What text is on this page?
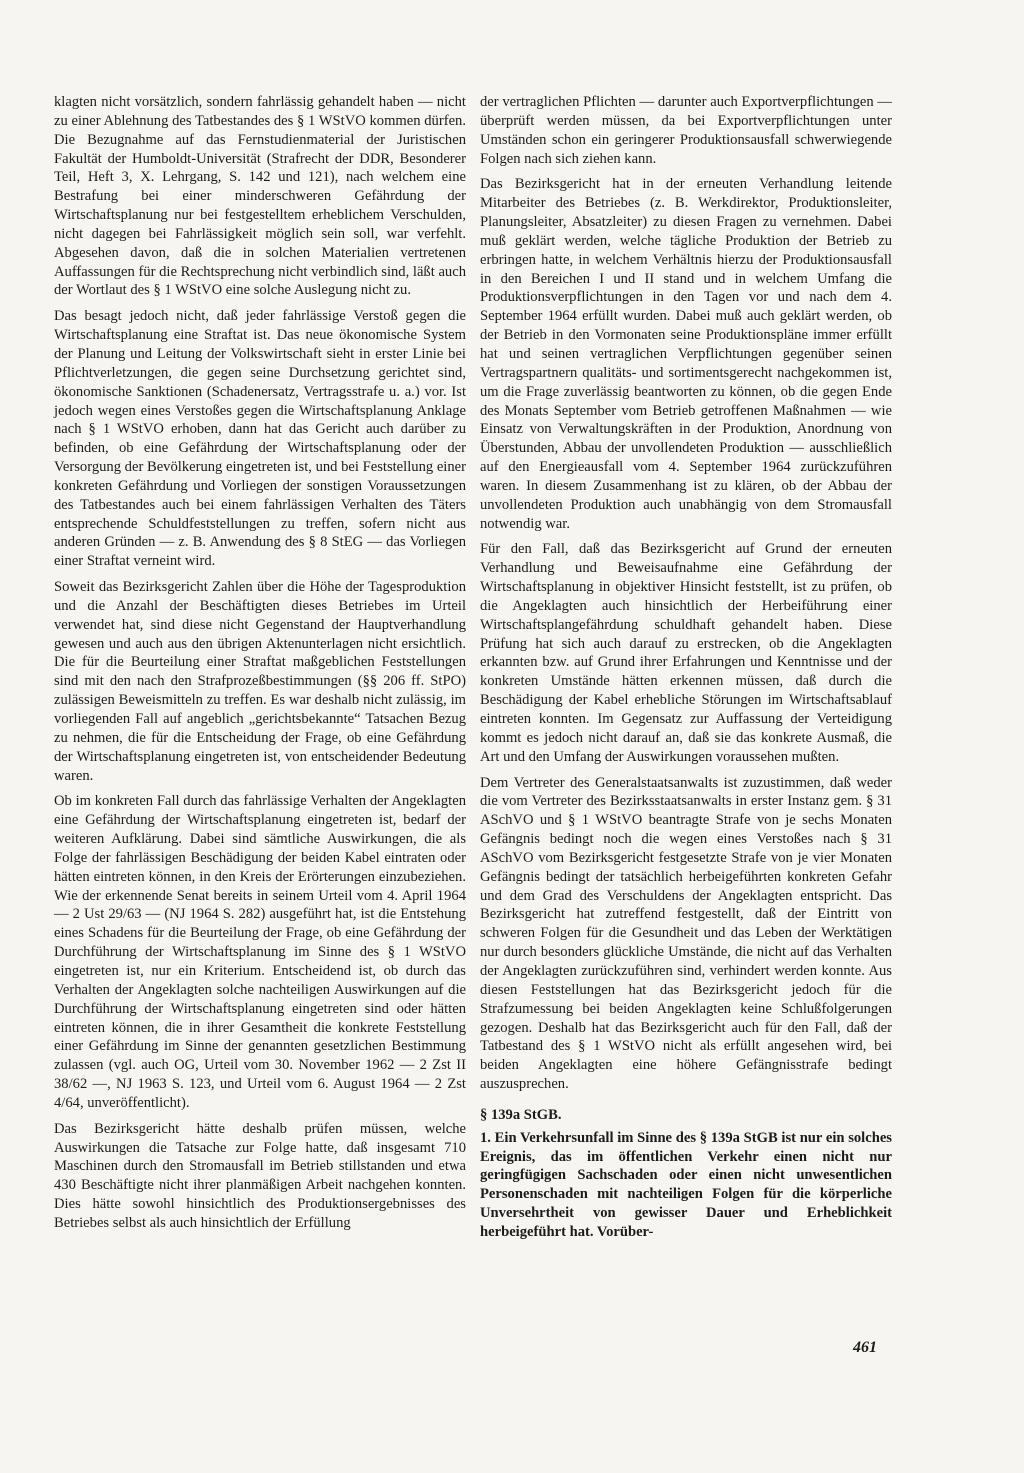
klagten nicht vorsätzlich, sondern fahrlässig gehandelt haben — nicht zu einer Ablehnung des Tatbestandes des § 1 WStVO kommen dürfen. Die Bezugnahme auf das Fernstudienmaterial der Juristischen Fakultät der Humboldt-Universität (Strafrecht der DDR, Besonderer Teil, Heft 3, X. Lehrgang, S. 142 und 121), nach welchem eine Bestrafung bei einer minderschweren Gefährdung der Wirtschaftsplanung nur bei festgestelltem erheblichem Verschulden, nicht dagegen bei Fahrlässigkeit möglich sein soll, war verfehlt. Abgesehen davon, daß die in solchen Materialien vertretenen Auffassungen für die Rechtsprechung nicht verbindlich sind, läßt auch der Wortlaut des § 1 WStVO eine solche Auslegung nicht zu.

Das besagt jedoch nicht, daß jeder fahrlässige Verstoß gegen die Wirtschaftsplanung eine Straftat ist. Das neue ökonomische System der Planung und Leitung der Volkswirtschaft sieht in erster Linie bei Pflichtverletzungen, die gegen seine Durchsetzung gerichtet sind, ökonomische Sanktionen (Schadenersatz, Vertragsstrafe u. a.) vor. Ist jedoch wegen eines Verstoßes gegen die Wirtschaftsplanung Anklage nach § 1 WStVO erhoben, dann hat das Gericht auch darüber zu befinden, ob eine Gefährdung der Wirtschaftsplanung oder der Versorgung der Bevölkerung eingetreten ist, und bei Feststellung einer konkreten Gefährdung und Vorliegen der sonstigen Voraussetzungen des Tatbestandes auch bei einem fahrlässigen Verhalten des Täters entsprechende Schuldfeststellungen zu treffen, sofern nicht aus anderen Gründen — z. B. Anwendung des § 8 StEG — das Vorliegen einer Straftat verneint wird.

Soweit das Bezirksgericht Zahlen über die Höhe der Tagesproduktion und die Anzahl der Beschäftigten dieses Betriebes im Urteil verwendet hat, sind diese nicht Gegenstand der Hauptverhandlung gewesen und auch aus den übrigen Aktenunterlagen nicht ersichtlich. Die für die Beurteilung einer Straftat maßgeblichen Feststellungen sind mit den nach den Strafprozeßbestimmungen (§§ 206 ff. StPO) zulässigen Beweismitteln zu treffen. Es war deshalb nicht zulässig, im vorliegenden Fall auf angeblich „gerichtsbekannte“ Tatsachen Bezug zu nehmen, die für die Entscheidung der Frage, ob eine Gefährdung der Wirtschaftsplanung eingetreten ist, von entscheidender Bedeutung waren.

Ob im konkreten Fall durch das fahrlässige Verhalten der Angeklagten eine Gefährdung der Wirtschaftsplanung eingetreten ist, bedarf der weiteren Aufklärung. Dabei sind sämtliche Auswirkungen, die als Folge der fahrlässigen Beschädigung der beiden Kabel eintraten oder hätten eintreten können, in den Kreis der Erörterungen einzubeziehen. Wie der erkennende Senat bereits in seinem Urteil vom 4. April 1964 — 2 Ust 29/63 — (NJ 1964 S. 282) ausgeführt hat, ist die Entstehung eines Schadens für die Beurteilung der Frage, ob eine Gefährdung der Durchführung der Wirtschaftsplanung im Sinne des § 1 WStVO eingetreten ist, nur ein Kriterium. Entscheidend ist, ob durch das Verhalten der Angeklagten solche nachteiligen Auswirkungen auf die Durchführung der Wirtschaftsplanung eingetreten sind oder hätten eintreten können, die in ihrer Gesamtheit die konkrete Feststellung einer Gefährdung im Sinne der genannten gesetzlichen Bestimmung zulassen (vgl. auch OG, Urteil vom 30. November 1962 — 2 Zst II 38/62 —, NJ 1963 S. 123, und Urteil vom 6. August 1964 — 2 Zst 4/64, unveröffentlicht).

Das Bezirksgericht hätte deshalb prüfen müssen, welche Auswirkungen die Tatsache zur Folge hatte, daß insgesamt 710 Maschinen durch den Stromausfall im Betrieb stillstanden und etwa 430 Beschäftigte nicht ihrer planmäßigen Arbeit nachgehen konnten. Dies hätte sowohl hinsichtlich des Produktionsergebnisses des Betriebes selbst als auch hinsichtlich der Erfüllung

der vertraglichen Pflichten — darunter auch Exportverpflichtungen — überprüft werden müssen, da bei Exportverpflichtungen unter Umständen schon ein geringerer Produktionsausfall schwerwiegende Folgen nach sich ziehen kann.

Das Bezirksgericht hat in der erneuten Verhandlung leitende Mitarbeiter des Betriebes (z. B. Werkdirektor, Produktionsleiter, Planungsleiter, Absatzleiter) zu diesen Fragen zu vernehmen. Dabei muß geklärt werden, welche tägliche Produktion der Betrieb zu erbringen hatte, in welchem Verhältnis hierzu der Produktionsausfall in den Bereichen I und II stand und in welchem Umfang die Produktionsverpflichtungen in den Tagen vor und nach dem 4. September 1964 erfüllt wurden. Dabei muß auch geklärt werden, ob der Betrieb in den Vormonaten seine Produktionspläne immer erfüllt hat und seinen vertraglichen Verpflichtungen gegenüber seinen Vertragspartnern qualitäts- und sortimentsgerecht nachgekommen ist, um die Frage zuverlässig beantworten zu können, ob die gegen Ende des Monats September vom Betrieb getroffenen Maßnahmen — wie Einsatz von Verwaltungskräften in der Produktion, Anordnung von Überstunden, Abbau der unvollendeten Produktion — ausschließlich auf den Energieausfall vom 4. September 1964 zurückzuführen waren. In diesem Zusammenhang ist zu klären, ob der Abbau der unvollendeten Produktion auch unabhängig von dem Stromausfall notwendig war.

Für den Fall, daß das Bezirksgericht auf Grund der erneuten Verhandlung und Beweisaufnahme eine Gefährdung der Wirtschaftsplanung in objektiver Hinsicht feststellt, ist zu prüfen, ob die Angeklagten auch hinsichtlich der Herbeiführung einer Wirtschaftsplangefährdung schuldhaft gehandelt haben. Diese Prüfung hat sich auch darauf zu erstrecken, ob die Angeklagten erkannten bzw. auf Grund ihrer Erfahrungen und Kenntnisse und der konkreten Umstände hätten erkennen müssen, daß durch die Beschädigung der Kabel erhebliche Störungen im Wirtschaftsablauf eintreten konnten. Im Gegensatz zur Auffassung der Verteidigung kommt es jedoch nicht darauf an, daß sie das konkrete Ausmaß, die Art und den Umfang der Auswirkungen voraussehen mußten.

Dem Vertreter des Generalstaatsanwalts ist zuzustimmen, daß weder die vom Vertreter des Bezirksstaatsanwalts in erster Instanz gem. § 31 ASchVO und § 1 WStVO beantragte Strafe von je sechs Monaten Gefängnis bedingt noch die wegen eines Verstoßes nach § 31 ASchVO vom Bezirksgericht festgesetzte Strafe von je vier Monaten Gefängnis bedingt der tatsächlich herbeigeführten konkreten Gefahr und dem Grad des Verschuldens der Angeklagten entspricht. Das Bezirksgericht hat zutreffend festgestellt, daß der Eintritt von schweren Folgen für die Gesundheit und das Leben der Werktätigen nur durch besonders glückliche Umstände, die nicht auf das Verhalten der Angeklagten zurückzuführen sind, verhindert werden konnte. Aus diesen Feststellungen hat das Bezirksgericht jedoch für die Strafzumessung bei beiden Angeklagten keine Schlußfolgerungen gezogen. Deshalb hat das Bezirksgericht auch für den Fall, daß der Tatbestand des § 1 WStVO nicht als erfüllt angesehen wird, bei beiden Angeklagten eine höhere Gefängnisstrafe bedingt auszusprechen.

§ 139a StGB.

1. Ein Verkehrsunfall im Sinne des § 139a StGB ist nur ein solches Ereignis, das im öffentlichen Verkehr einen nicht nur geringfügigen Sachschaden oder einen nicht unwesentlichen Personenschaden mit nachteiligen Folgen für die körperliche Unversehrtheit von gewisser Dauer und Erheblichkeit herbeigeführt hat. Vorüber-

461
